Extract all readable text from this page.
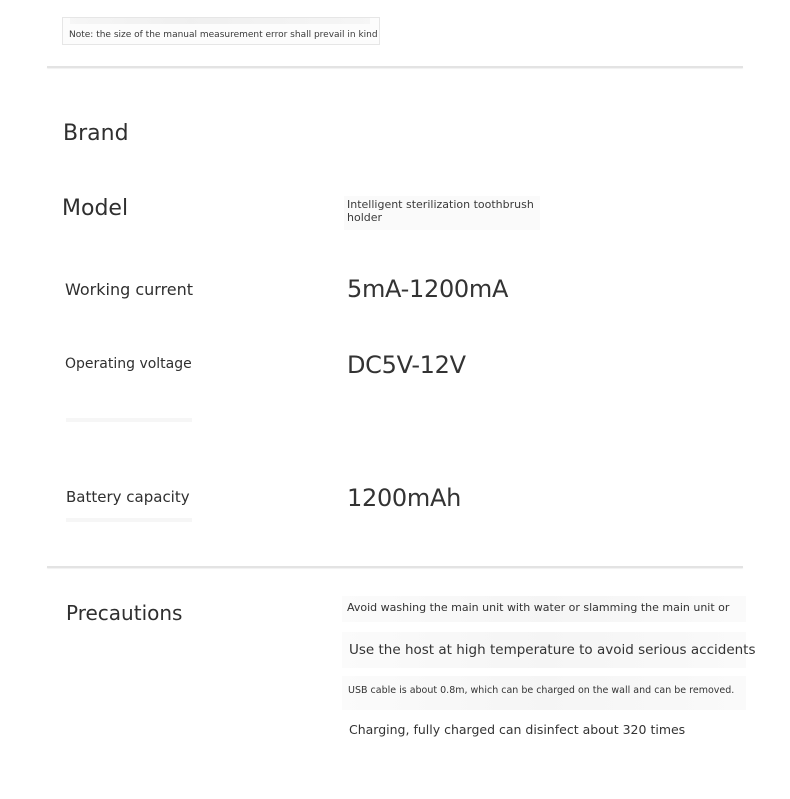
Note: the size of the manual measurement error shall prevail in kind
Brand
Model	Intelligent sterilization toothbrush
holder
Working current	5mA-1200mA
Operating voltage	DC5V-12V
Battery capacity	1200mAh
Precautions	Avoid washing the main unit with water or slamming the main unit or
Use the host at high temperature to avoid serious accidents
USB cable is about 0.8m, which can be charged on the wall and can be removed.
Charging, fully charged can disinfect about 320 times
